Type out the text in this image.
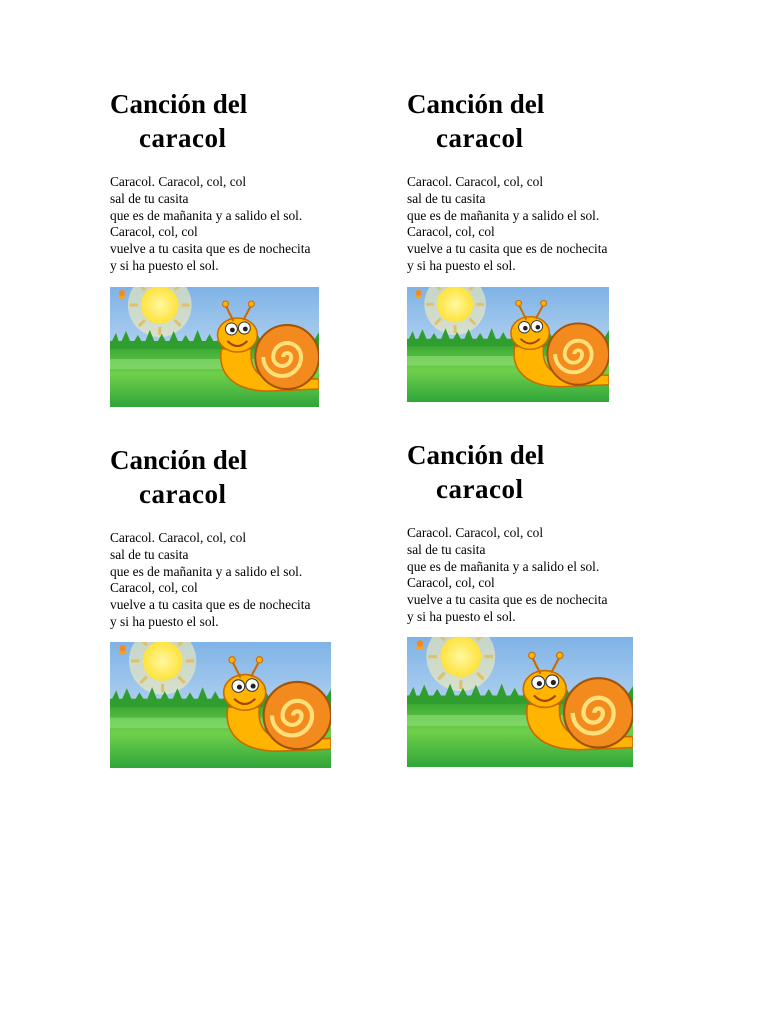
Canción del
caracol
Caracol. Caracol, col, col
sal de tu casita
que es de mañanita y a salido el sol.
Caracol, col, col
vuelve a tu casita que es de nochecita
y si ha puesto el sol.
Canción del
caracol
Caracol. Caracol, col, col
sal de tu casita
que es de mañanita y a salido el sol.
Caracol, col, col
vuelve a tu casita que es de nochecita
y si ha puesto el sol.
Canción del
caracol
Caracol. Caracol, col, col
sal de tu casita
que es de mañanita y a salido el sol.
Caracol, col, col
vuelve a tu casita que es de nochecita
y si ha puesto el sol.
Canción del
caracol
Caracol. Caracol, col, col
sal de tu casita
que es de mañanita y a salido el sol.
Caracol, col, col
vuelve a tu casita que es de nochecita
y si ha puesto el sol.
